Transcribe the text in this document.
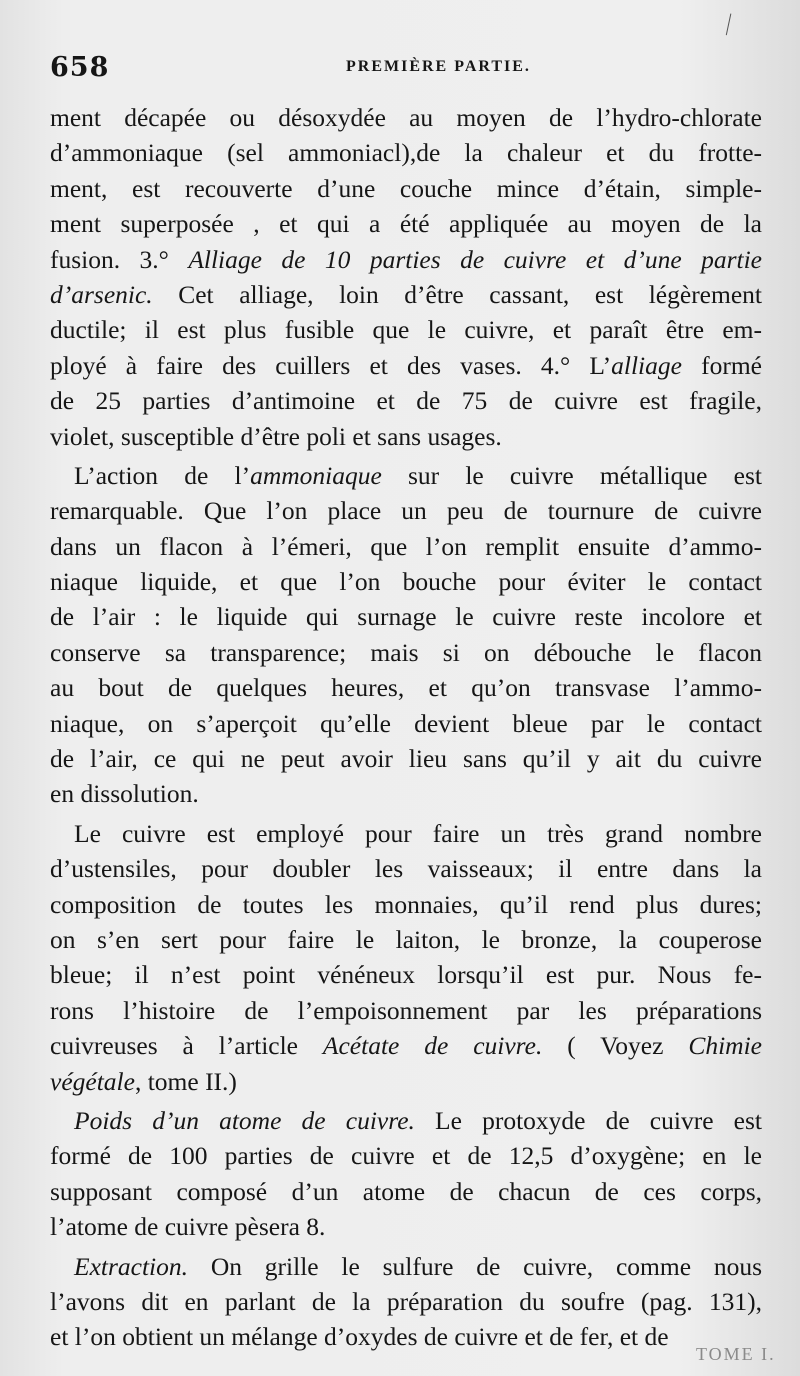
658	PREMIÈRE PARTIE.
ment décapée ou désoxydée au moyen de l’hydro-chlorate
d’ammoniaque (sel ammoniacl),de la chaleur et du frotte-
ment, est recouverte d’une couche mince d’étain, simple-
ment superposée , et qui a été appliquée au moyen de la
fusion. 3.° Alliage de 10 parties de cuivre et d’une partie
d’arsenic. Cet alliage, loin d’être cassant, est légèrement
ductile; il est plus fusible que le cuivre, et paraît être em-
ployé à faire des cuillers et des vases. 4.° L’alliage formé
de 25 parties d’antimoine et de 75 de cuivre est fragile,
violet, susceptible d’être poli et sans usages.
L’action de l’ammoniaque sur le cuivre métallique est
remarquable. Que l’on place un peu de tournure de cuivre
dans un flacon à l’émeri, que l’on remplit ensuite d’ammo-
niaque liquide, et que l’on bouche pour éviter le contact
de l’air : le liquide qui surnage le cuivre reste incolore et
conserve sa transparence; mais si on débouche le flacon
au bout de quelques heures, et qu’on transvase l’ammo-
niaque, on s’aperçoit qu’elle devient bleue par le contact
de l’air, ce qui ne peut avoir lieu sans qu’il y ait du cuivre
en dissolution.
Le cuivre est employé pour faire un très grand nombre
d’ustensiles, pour doubler les vaisseaux; il entre dans la
composition de toutes les monnaies, qu’il rend plus dures;
on s’en sert pour faire le laiton, le bronze, la couperose
bleue; il n’est point vénéneux lorsqu’il est pur. Nous fe-
rons l’histoire de l’empoisonnement par les préparations
cuivreuses à l’article Acétate de cuivre. ( Voyez Chimie
végétale, tome II.)
Poids d’un atome de cuivre. Le protoxyde de cuivre est
formé de 100 parties de cuivre et de 12,5 d’oxygène; en le
supposant composé d’un atome de chacun de ces corps,
l’atome de cuivre pèsera 8.
Extraction. On grille le sulfure de cuivre, comme nous
l’avons dit en parlant de la préparation du soufre (pag. 131),
et l’on obtient un mélange d’oxydes de cuivre et de fer, et de
TOME I.
